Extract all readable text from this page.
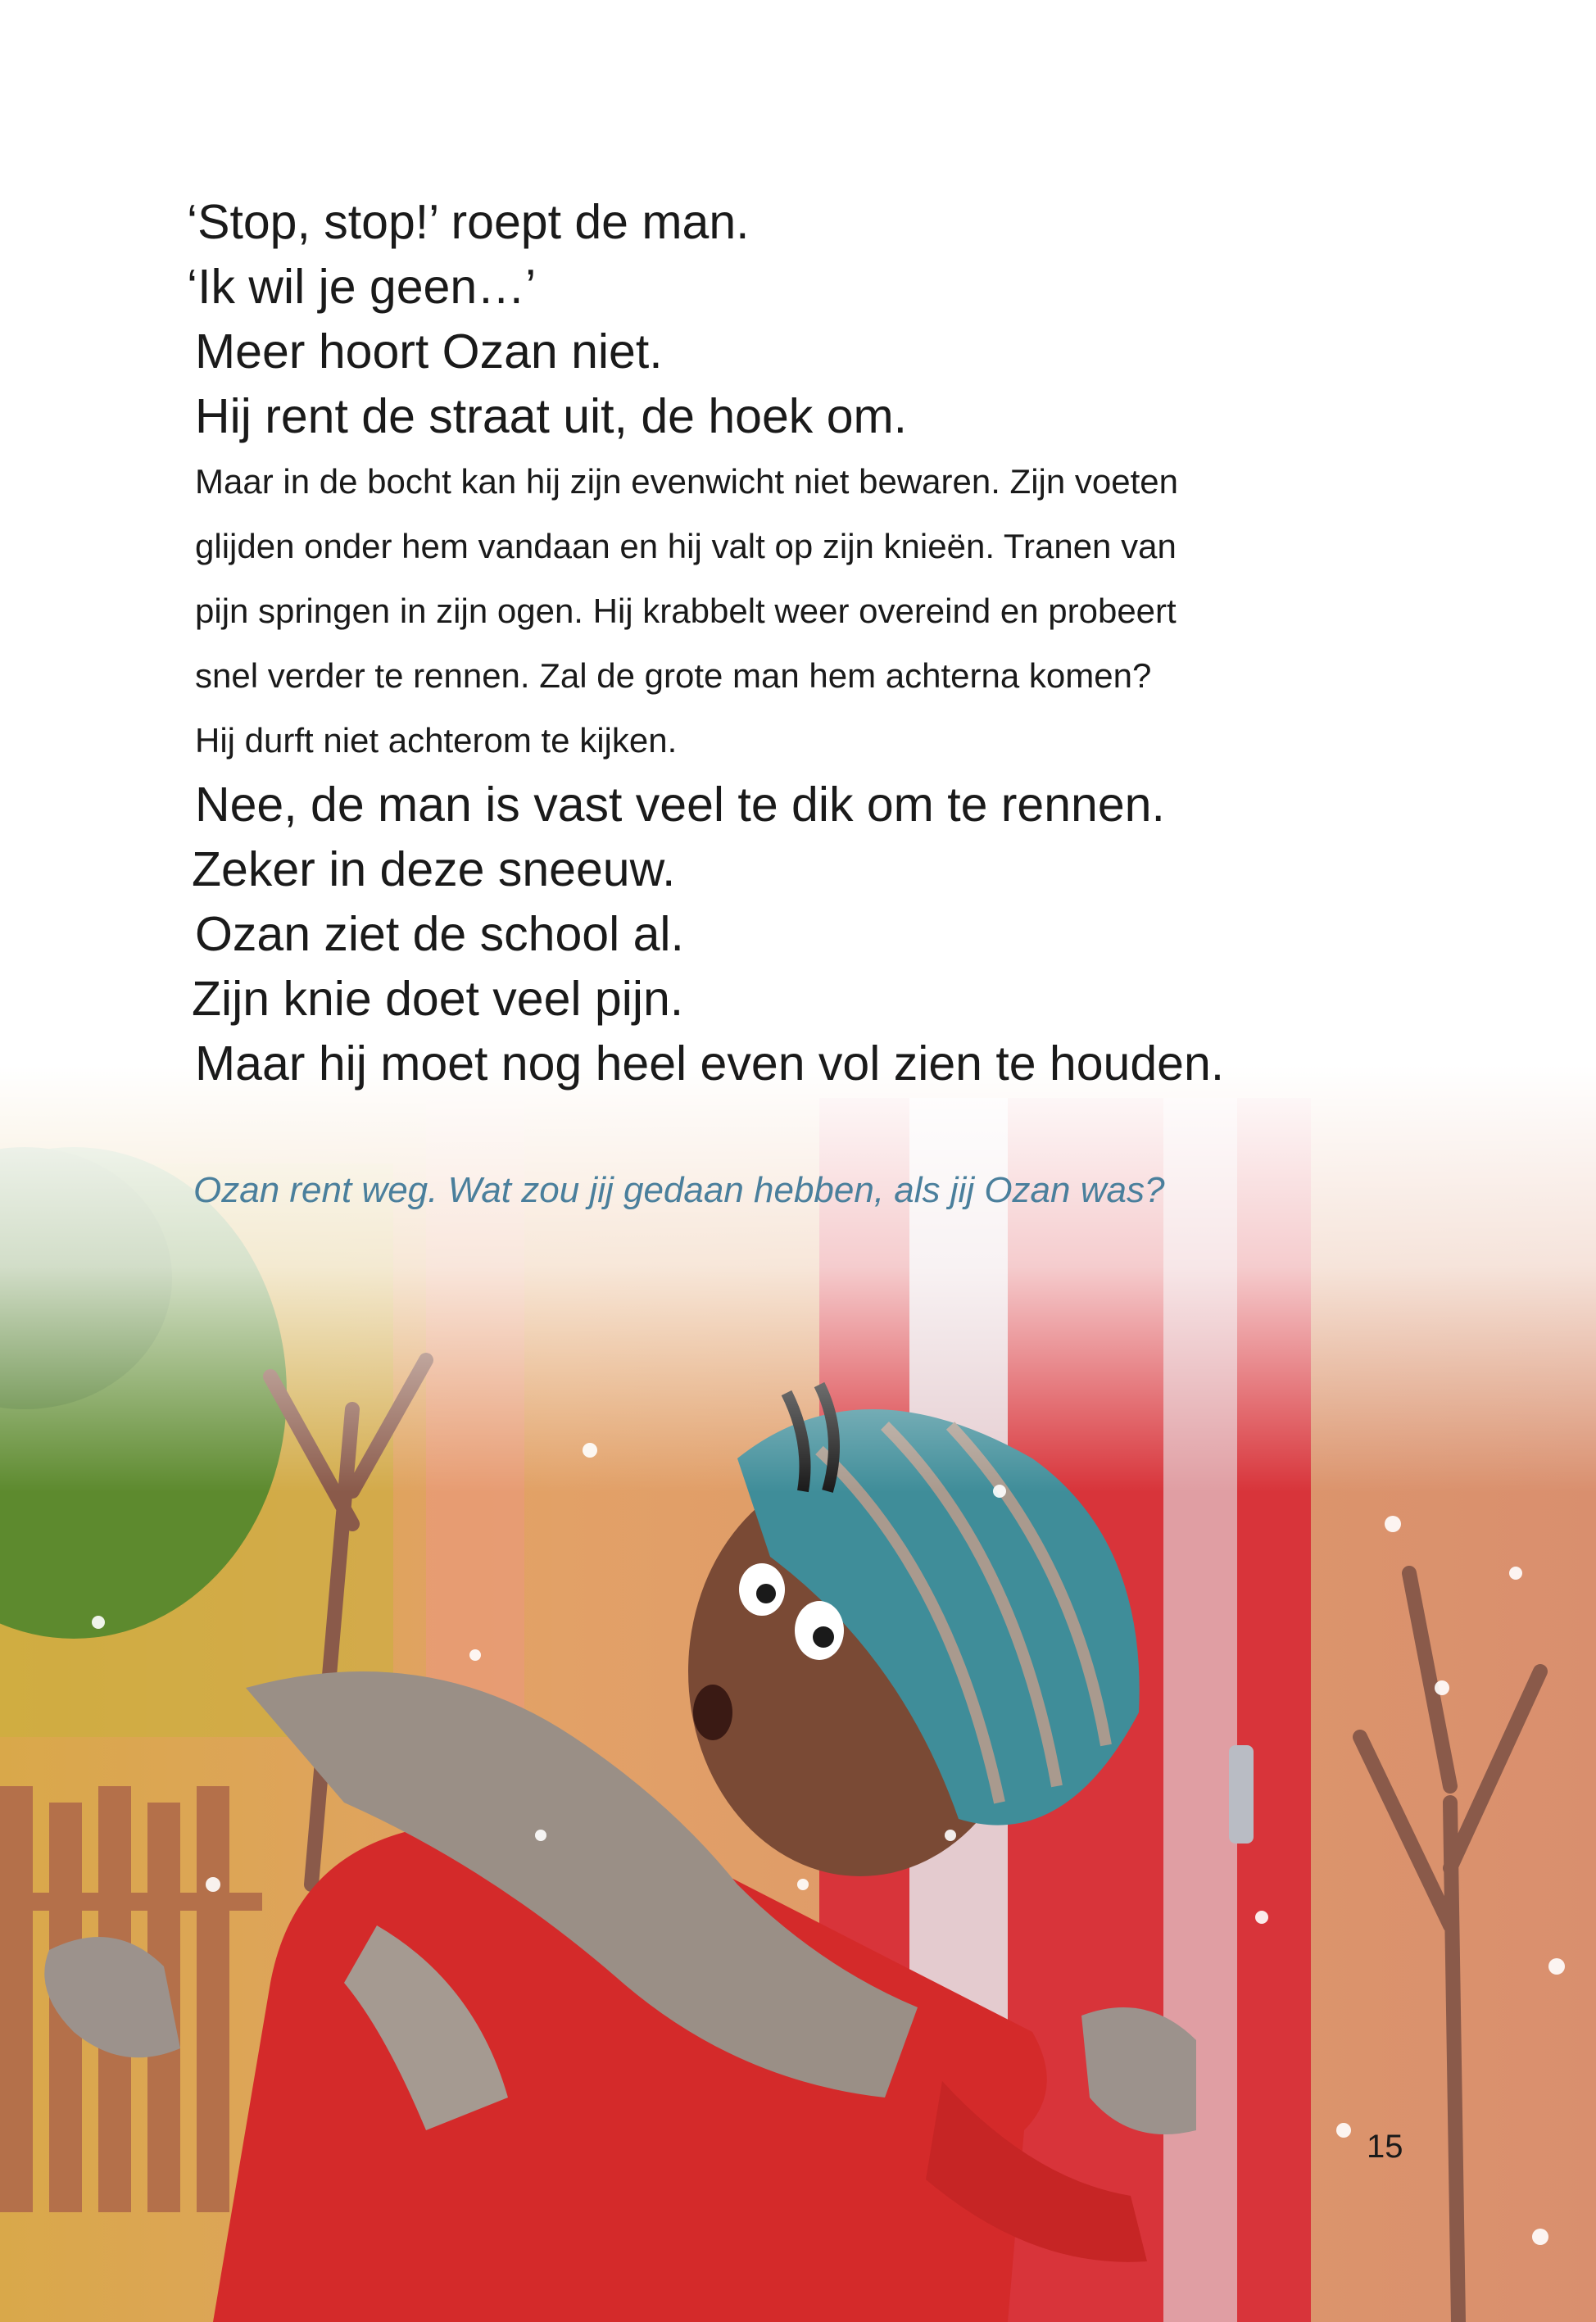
‘Stop, stop!’ roept de man.
‘Ik wil je geen…’
Meer hoort Ozan niet.
Hij rent de straat uit, de hoek om.
Maar in de bocht kan hij zijn evenwicht niet bewaren. Zijn voeten
glijden onder hem vandaan en hij valt op zijn knieën. Tranen van
pijn springen in zijn ogen. Hij krabbelt weer overeind en probeert
snel verder te rennen. Zal de grote man hem achterna komen?
Hij durft niet achterom te kijken.
Nee, de man is vast veel te dik om te rennen.
Zeker in deze sneeuw.
Ozan ziet de school al.
Zijn knie doet veel pijn.
Maar hij moet nog heel even vol zien te houden.
Ozan rent weg. Wat zou jij gedaan hebben, als jij Ozan was?
15
